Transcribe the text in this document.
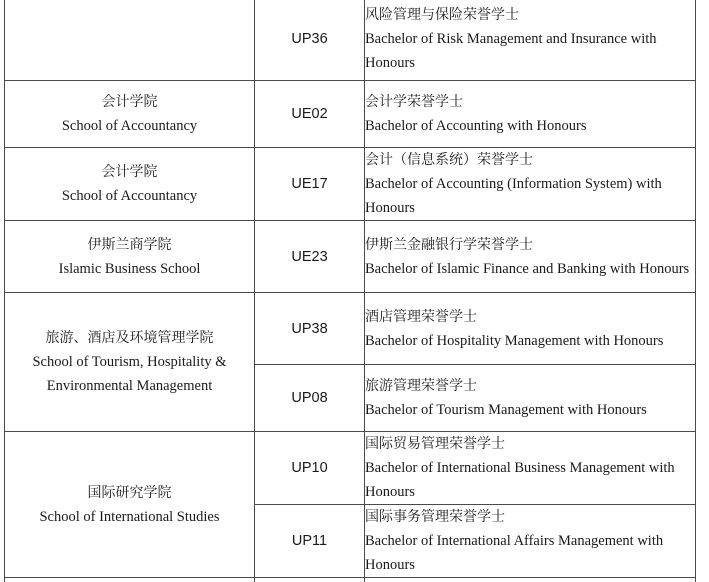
	UP36	风险管理与保险荣誉学士
Bachelor of Risk Management and Insurance with Honours

会计学院
School of Accountancy	UE02	会计学荣誉学士
Bachelor of Accounting with Honours

会计学院
School of Accountancy	UE17	会计（信息系统）荣誉学士
Bachelor of Accounting (Information System) with Honours

伊斯兰商学院
Islamic Business School	UE23	伊斯兰金融银行学荣誉学士
Bachelor of Islamic Finance and Banking with Honours

旅游、酒店及环境管理学院
School of Tourism, Hospitality & Environmental Management	UP38	酒店管理荣誉学士
Bachelor of Hospitality Management with Honours

	UP08	旅游管理荣誉学士
Bachelor of Tourism Management with Honours

国际研究学院
School of International Studies	UP10	国际贸易管理荣誉学士
Bachelor of International Business Management with Honours

	UP11	国际事务管理荣誉学士
Bachelor of International Affairs Management with Honours
